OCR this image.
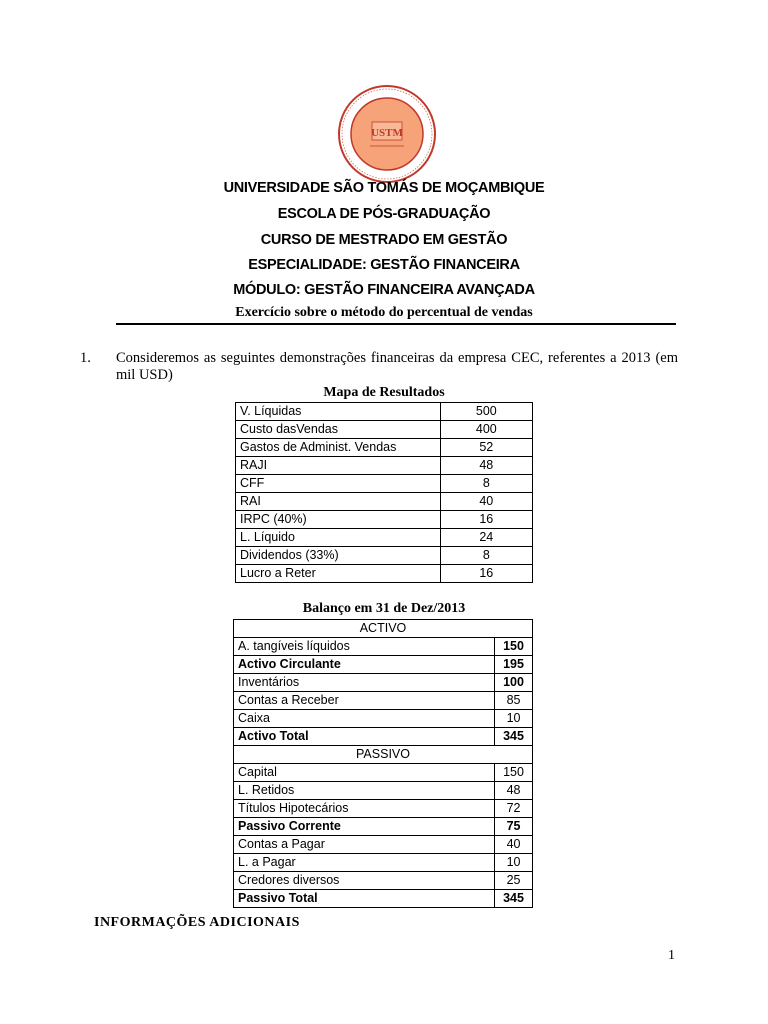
USTM
UNIVERSIDADE SÃO TOMÁS DE MOÇAMBIQUE
ESCOLA DE PÓS-GRADUAÇÃO
CURSO DE MESTRADO EM GESTÃO
ESPECIALIDADE: GESTÃO FINANCEIRA
MÓDULO: GESTÃO FINANCEIRA AVANÇADA
Exercício sobre o método do percentual de vendas
1. Consideremos as seguintes demonstrações financeiras da empresa CEC, referentes a 2013 (em mil USD)
Mapa de Resultados
V. Líquidas	500
Custo dasVendas	400
Gastos de Administ. Vendas	52
RAJI	48
CFF	8
RAI	40
IRPC (40%)	16
L. Líquido	24
Dividendos (33%)	8
Lucro a Reter	16
Balanço em 31 de Dez/2013
ACTIVO	
A. tangíveis líquidos	150
Activo Circulante	195
Inventários	100
Contas a Receber	85
Caixa	10
Activo Total	345
PASSIVO	
Capital	150
L. Retidos	48
Títulos Hipotecários	72
Passivo Corrente	75
Contas a Pagar	40
L. a Pagar	10
Credores diversos	25
Passivo Total	345
INFORMAÇÕES ADICIONAIS
1
